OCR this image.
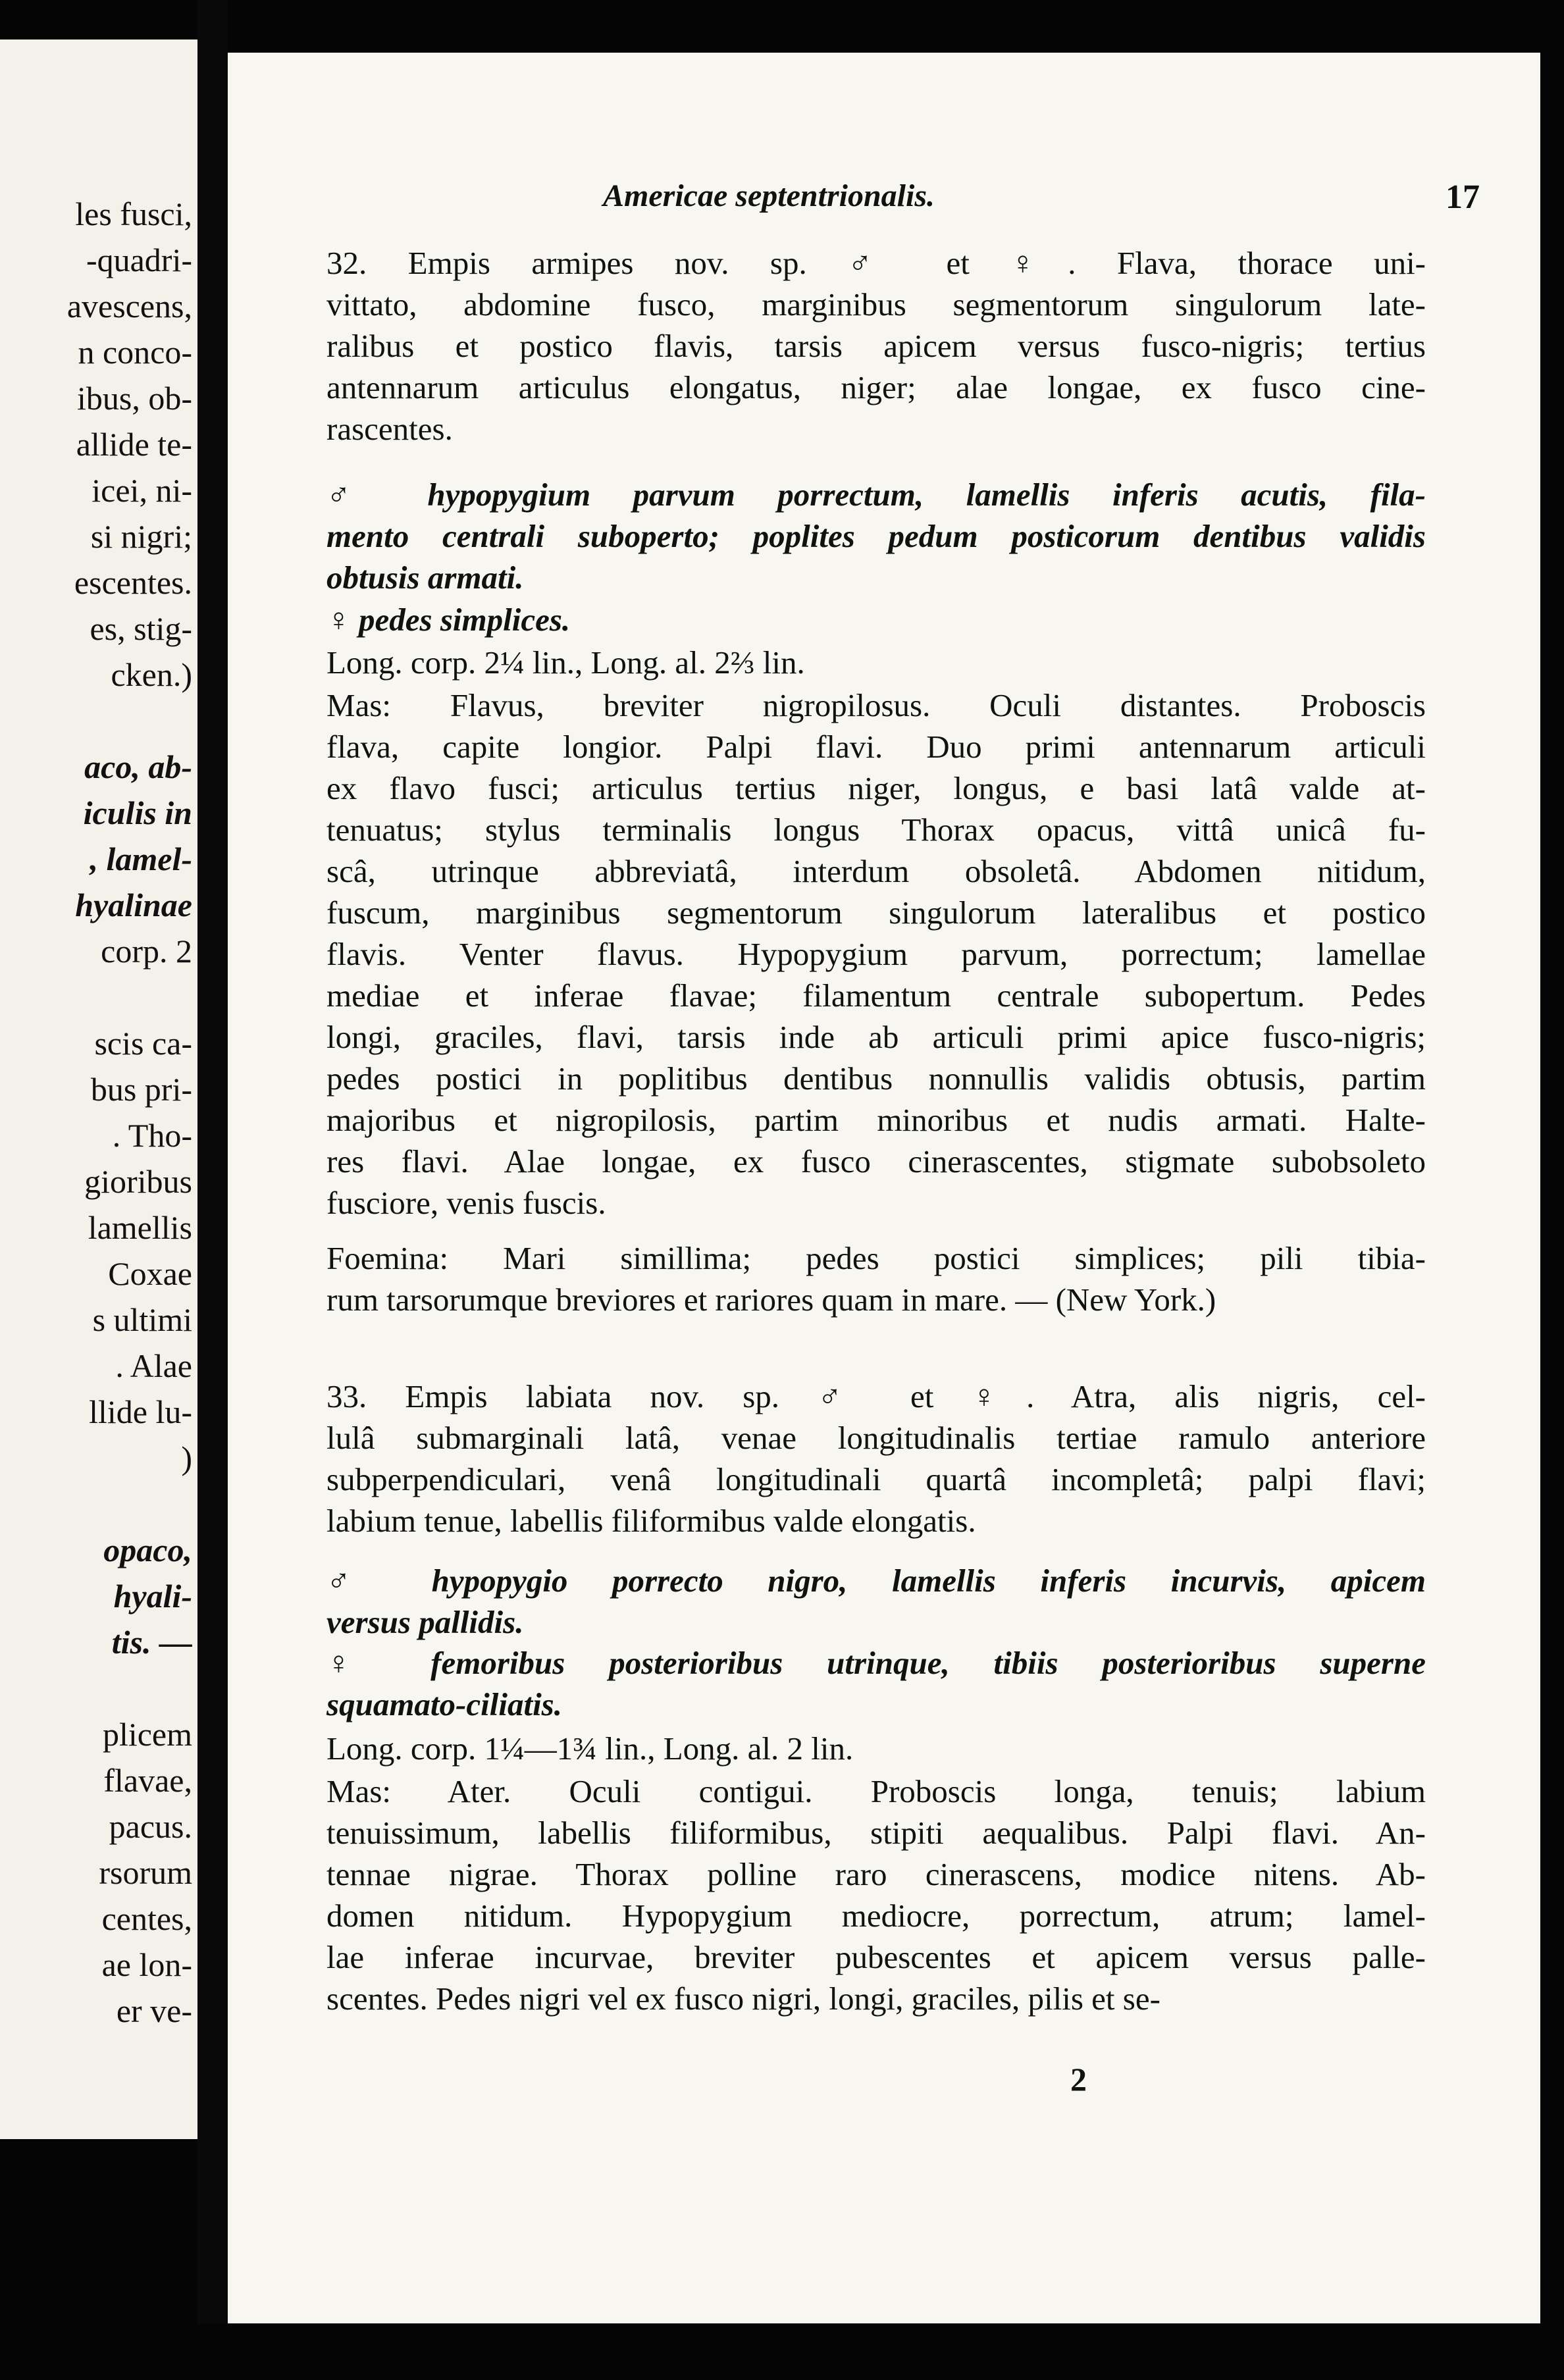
les fusci,
-quadri-
avescens,
n conco-
ibus, ob-
allide te-
icei, ni-
si nigri;
escentes.
es, stig-
cken.)
aco, ab-
iculis in
, lamel-
hyalinae
corp. 2
scis ca-
bus pri-
. Tho-
gioribus
lamellis
Coxae
s ultimi
. Alae
llide lu-
)
opaco,
hyali-
tis. —
plicem
flavae,
pacus.
rsorum
centes,
ae lon-
er ve-
Americae septentrionalis.	17
32. Empis armipes nov. sp. ♂ et ♀. Flava, thorace uni-
vittato, abdomine fusco, marginibus segmentorum singulorum late-
ralibus et postico flavis, tarsis apicem versus fusco-nigris; tertius
antennarum articulus elongatus, niger; alae longae, ex fusco cine-
rascentes.
♂ hypopygium parvum porrectum, lamellis inferis acutis, fila-
mento centrali suboperto; poplites pedum posticorum dentibus validis
obtusis armati.
♀ pedes simplices.
Long. corp. 2¼ lin., Long. al. 2⅔ lin.
Mas: Flavus, breviter nigropilosus. Oculi distantes. Proboscis
flava, capite longior. Palpi flavi. Duo primi antennarum articuli
ex flavo fusci; articulus tertius niger, longus, e basi latâ valde at-
tenuatus; stylus terminalis longus Thorax opacus, vittâ unicâ fu-
scâ, utrinque abbreviatâ, interdum obsoletâ. Abdomen nitidum,
fuscum, marginibus segmentorum singulorum lateralibus et postico
flavis. Venter flavus. Hypopygium parvum, porrectum; lamellae
mediae et inferae flavae; filamentum centrale subopertum. Pedes
longi, graciles, flavi, tarsis inde ab articuli primi apice fusco-nigris;
pedes postici in poplitibus dentibus nonnullis validis obtusis, partim
majoribus et nigropilosis, partim minoribus et nudis armati. Halte-
res flavi. Alae longae, ex fusco cinerascentes, stigmate subobsoleto
fusciore, venis fuscis.
Foemina: Mari simillima; pedes postici simplices; pili tibia-
rum tarsorumque breviores et rariores quam in mare. — (New York.)
33. Empis labiata nov. sp. ♂ et ♀. Atra, alis nigris, cel-
lulâ submarginali latâ, venae longitudinalis tertiae ramulo anteriore
subperpendiculari, venâ longitudinali quartâ incompletâ; palpi flavi;
labium tenue, labellis filiformibus valde elongatis.
♂ hypopygio porrecto nigro, lamellis inferis incurvis, apicem
versus pallidis.
♀ femoribus posterioribus utrinque, tibiis posterioribus superne
squamato-ciliatis.
Long. corp. 1¼—1¾ lin., Long. al. 2 lin.
Mas: Ater. Oculi contigui. Proboscis longa, tenuis; labium
tenuissimum, labellis filiformibus, stipiti aequalibus. Palpi flavi. An-
tennae nigrae. Thorax polline raro cinerascens, modice nitens. Ab-
domen nitidum. Hypopygium mediocre, porrectum, atrum; lamel-
lae inferae incurvae, breviter pubescentes et apicem versus palle-
scentes. Pedes nigri vel ex fusco nigri, longi, graciles, pilis et se-
2
